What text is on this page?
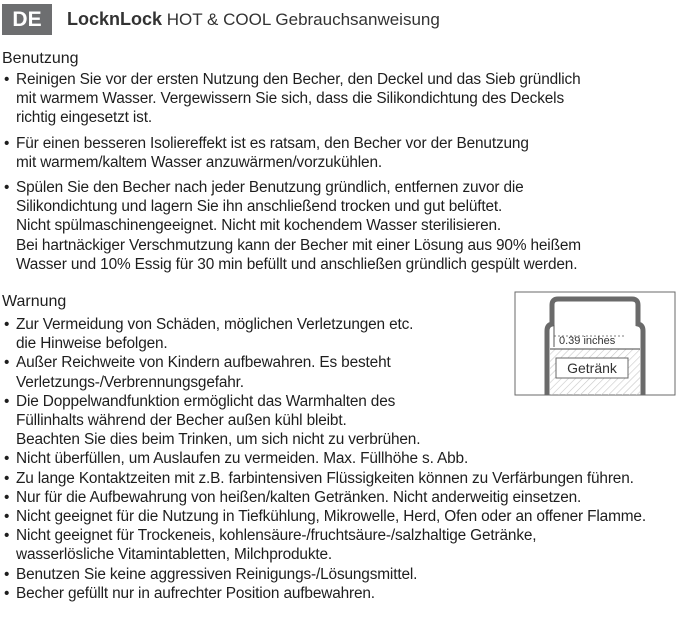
DE	LocknLock HOT & COOL Gebrauchsanweisung
Benutzung
• Reinigen Sie vor der ersten Nutzung den Becher, den Deckel und das Sieb gründlich
mit warmem Wasser. Vergewissern Sie sich, dass die Silikondichtung des Deckels
richtig eingesetzt ist.
• Für einen besseren Isoliereffekt ist es ratsam, den Becher vor der Benutzung
mit warmem/kaltem Wasser anzuwärmen/vorzukühlen.
• Spülen Sie den Becher nach jeder Benutzung gründlich, entfernen zuvor die
Silikondichtung und lagern Sie ihn anschließend trocken und gut belüftet.
Nicht spülmaschinengeeignet. Nicht mit kochendem Wasser sterilisieren.
Bei hartnäckiger Verschmutzung kann der Becher mit einer Lösung aus 90% heißem
Wasser und 10% Essig für 30 min befüllt und anschließen gründlich gespült werden.
Warnung
• Zur Vermeidung von Schäden, möglichen Verletzungen etc.
die Hinweise befolgen.
• Außer Reichweite von Kindern aufbewahren. Es besteht
Verletzungs-/Verbrennungsgefahr.
• Die Doppelwandfunktion ermöglicht das Warmhalten des
Füllinhalts während der Becher außen kühl bleibt.
Beachten Sie dies beim Trinken, um sich nicht zu verbrühen.
• Nicht überfüllen, um Auslaufen zu vermeiden. Max. Füllhöhe s. Abb.
• Zu lange Kontaktzeiten mit z.B. farbintensiven Flüssigkeiten können zu Verfärbungen führen.
• Nur für die Aufbewahrung von heißen/kalten Getränken. Nicht anderweitig einsetzen.
• Nicht geeignet für die Nutzung in Tiefkühlung, Mikrowelle, Herd, Ofen oder an offener Flamme.
• Nicht geeignet für Trockeneis, kohlensäure-/fruchtsäure-/salzhaltige Getränke,
wasserlösliche Vitamintabletten, Milchprodukte.
• Benutzen Sie keine aggressiven Reinigungs-/Lösungsmittel.
• Becher gefüllt nur in aufrechter Position aufbewahren.
0.39 inches
Getränk
